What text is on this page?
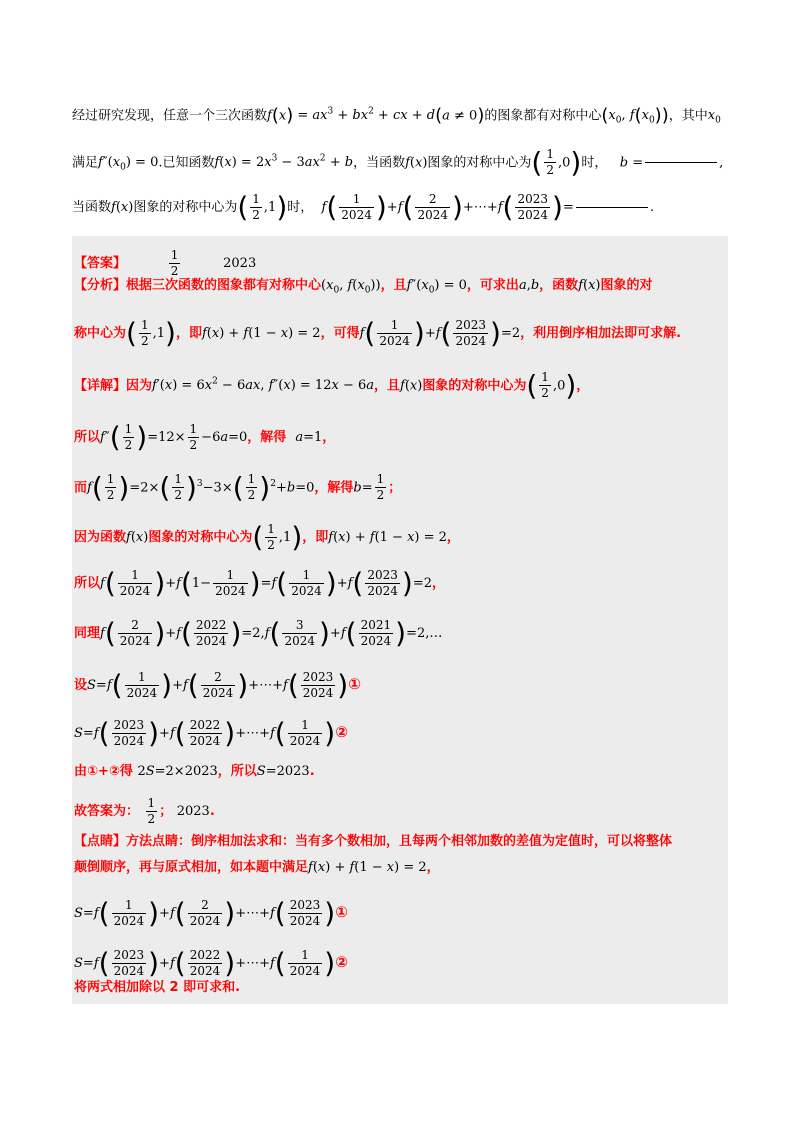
经过研究发现，任意一个三次函数$f(x) = ax^3 + bx^2$ + cx + d(a ≠ 0)的图象都有对称中心($x_0$, $f(x_0)$)，其中$x_0$
满足$f''(x_0) = 0$.已知函数$f(x) = 2x^3 - 3ax^2 + b$，当函数f(x)图象的对称中心为( $\frac{1}{2} ,0$)时， b =	,
当函数f(x)图象的对称中心为( $\frac{1}{2} ,1$)时， $f( \frac{1}{2024} )+f( \frac{2}{2024}$ )+⋯+f( $\frac{2023}{2024}$ )=	.
【答案】	$\frac{1}{2}$	2023
【分析】根据三次函数的图象都有对称中心($x_0$, $f(x_0)$)，且$f''(x_0) = 0$，可求出a,b，函数f(x)图象的对
称中心为( $\frac{1}{2} ,1$)，即f(x) + f(1 − x) = 2，可得$f( \frac{1}{2024} )+f( \frac{2023}{2024} )=2$，利用倒序相加法即可求解.
【详解】因为$f'(x) = 6x^2 - 6ax$, f″(x) = 12x − 6a，且f(x)图象的对称中心为( $\frac{1}{2} ,0$)，
所以$f''( \frac{1}{2} )=12\times \frac{1}{2} -6a=0$，解得 a=1，
而$f( \frac{1}{2} )=2\times( \frac{1}{2} )^3-3\times( \frac{1}{2} )^2+b=0$，解得$b= \frac{1}{2}$ ；
因为函数f(x)图象的对称中心为( $\frac{1}{2} ,1$)，即f(x) + f(1 − x) = 2，
所以$f( \frac{1}{2024} )+f(1- \frac{1}{2024} )=f( \frac{1}{2024} )+f( \frac{2023}{2024} )=2$，
同理$f( \frac{2}{2024} )+f( \frac{2022}{2024} )=2,f( \frac{3}{2024} )+f( \frac{2021}{2024}$ )=2,…
设$S=f( \frac{1}{2024} )+f( \frac{2}{2024}$ )+⋯+f( $\frac{2023}{2024}$ )①
$S=f( \frac{2023}{2024} )+f( \frac{2022}{2024}$ )+⋯+f( $\frac{1}{2024}$ )②
由①+②得 2S=2×2023，所以S=2023.
故答案为： $\frac{1}{2}$ ； 2023.
【点睛】方法点睛：倒序相加法求和：当有多个数相加，且每两个相邻加数的差值为定值时，可以将整体
颠倒顺序，再与原式相加，如本题中满足f(x) + f(1 − x) = 2，
$S=f( \frac{1}{2024} )+f( \frac{2}{2024}$ )+⋯+f( $\frac{2023}{2024}$ )①
$S=f( \frac{2023}{2024} )+f( \frac{2022}{2024}$ )+⋯+f( $\frac{1}{2024}$ )②
将两式相加除以 2 即可求和.
